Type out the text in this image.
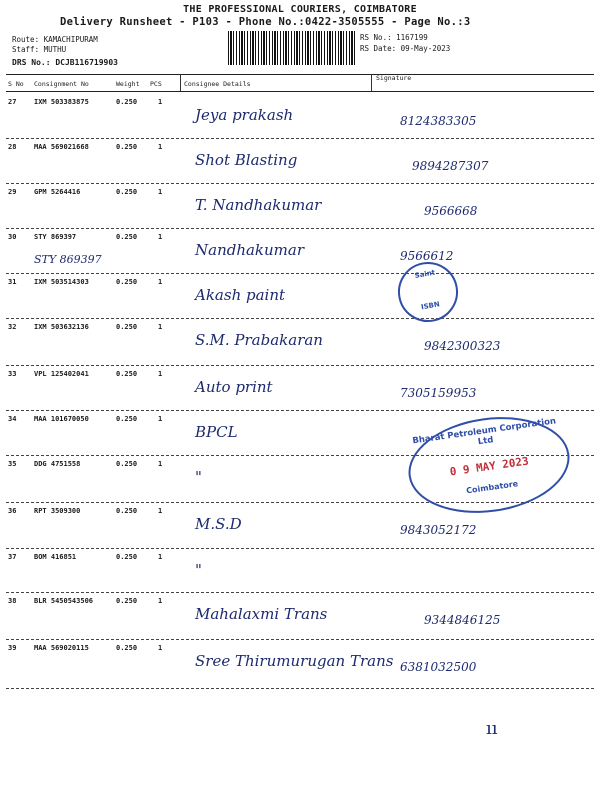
THE PROFESSIONAL COURIERS, COIMBATORE
Delivery Runsheet - P103 - Phone No.:0422-3505555 - Page No.:3
Route: KAMACHIPURAM
Staff: MUTHU
DRS No.: DCJB116719903
RS No.: 1167199
RS Date: 09-May-2023
S No Consignment No	Weight PCS	Consignee Details
Signature
27	IXM 503383875	0.250	1
Jeya prakash	8124383305
28	MAA 569021668	0.250	1
Shot Blasting	9894287307
29	GPM 5264416	0.250	1
T. Nandhakumar	9566668
30	STY 869397	0.250	1
Nandhakumar	9566612
STY 869397
31	IXM 503514303	0.250	1
Akash paint
32	IXM 503632136	0.250	1
S.M. Prabakaran	9842300323
33	VPL 125402041	0.250	1
Auto print	7305159953
34	MAA 101670050	0.250	1
BPCL
35	DDG 4751558	0.250	1
"
36	RPT 3509300	0.250	1
M.S.D	9843052172
37	BOM 416851	0.250	1
"
38	BLR 5450543506	0.250	1
Mahalaxmi Trans	9344846125
39	MAA 569020115	0.250	1
Sree Thirumurugan Trans 6381032500
Saint
ISBN
Bharat Petroleum Corporation Ltd
0 9 MAY 2023
Coimbatore
ıı
